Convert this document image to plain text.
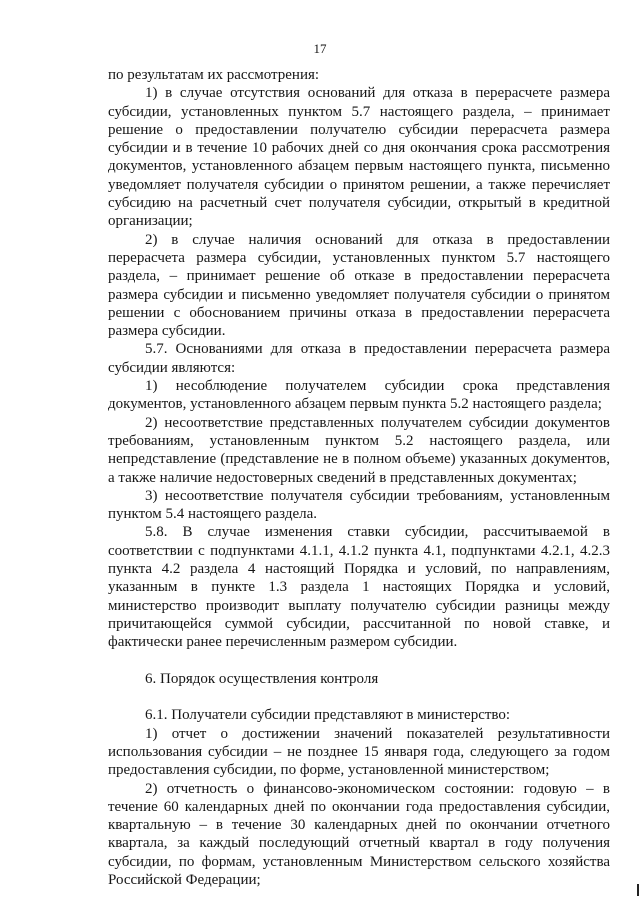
17

по результатам их рассмотрения:

1) в случае отсутствия оснований для отказа в перерасчете размера субсидии, установленных пунктом 5.7 настоящего раздела, – принимает решение о предоставлении получателю субсидии перерасчета размера субсидии и в течение 10 рабочих дней со дня окончания срока рассмотрения документов, установленного абзацем первым настоящего пункта, письменно уведомляет получателя субсидии о принятом решении, а также перечисляет субсидию на расчетный счет получателя субсидии, открытый в кредитной организации;

2) в случае наличия оснований для отказа в предоставлении перерасчета размера субсидии, установленных пунктом 5.7 настоящего раздела, – принимает решение об отказе в предоставлении перерасчета размера субсидии и письменно уведомляет получателя субсидии о принятом решении с обоснованием причины отказа в предоставлении перерасчета размера субсидии.

5.7. Основаниями для отказа в предоставлении перерасчета размера субсидии являются:

1) несоблюдение получателем субсидии срока представления документов, установленного абзацем первым пункта 5.2 настоящего раздела;

2) несоответствие представленных получателем субсидии документов требованиям, установленным пунктом 5.2 настоящего раздела, или непредставление (представление не в полном объеме) указанных документов, а также наличие недостоверных сведений в представленных документах;

3) несоответствие получателя субсидии требованиям, установленным пунктом 5.4 настоящего раздела.

5.8. В случае изменения ставки субсидии, рассчитываемой в соответствии с подпунктами 4.1.1, 4.1.2 пункта 4.1, подпунктами 4.2.1, 4.2.3 пункта 4.2 раздела 4 настоящий Порядка и условий, по направлениям, указанным в пункте 1.3 раздела 1 настоящих Порядка и условий, министерство производит выплату получателю субсидии разницы между причитающейся суммой субсидии, рассчитанной по новой ставке, и фактически ранее перечисленным размером субсидии.

6. Порядок осуществления контроля

6.1. Получатели субсидии представляют в министерство:

1) отчет о достижении значений показателей результативности использования субсидии – не позднее 15 января года, следующего за годом предоставления субсидии, по форме, установленной министерством;

2) отчетность о финансово-экономическом состоянии: годовую – в течение 60 календарных дней по окончании года предоставления субсидии, квартальную – в течение 30 календарных дней по окончании отчетного квартала, за каждый последующий отчетный квартал в году получения субсидии, по формам, установленным Министерством сельского хозяйства Российской Федерации;
